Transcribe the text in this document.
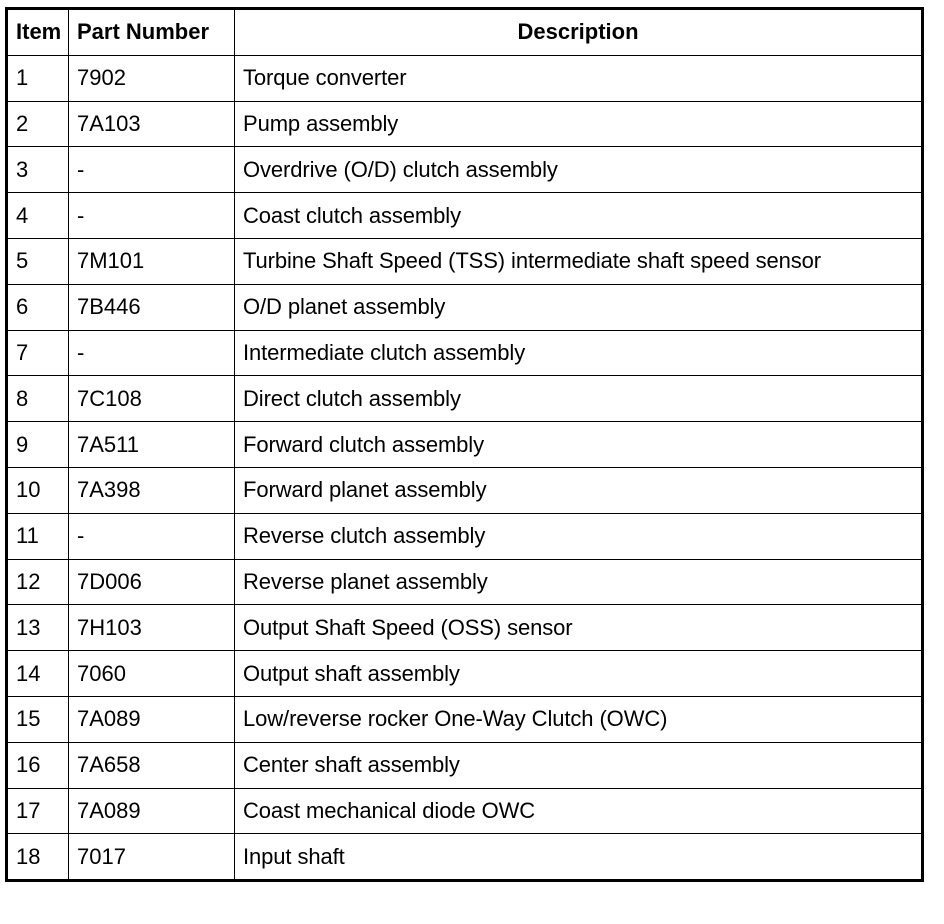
Item	Part Number	Description
1	7902	Torque converter
2	7A103	Pump assembly
3	-	Overdrive (O/D) clutch assembly
4	-	Coast clutch assembly
5	7M101	Turbine Shaft Speed (TSS) intermediate shaft speed sensor
6	7B446	O/D planet assembly
7	-	Intermediate clutch assembly
8	7C108	Direct clutch assembly
9	7A511	Forward clutch assembly
10	7A398	Forward planet assembly
11	-	Reverse clutch assembly
12	7D006	Reverse planet assembly
13	7H103	Output Shaft Speed (OSS) sensor
14	7060	Output shaft assembly
15	7A089	Low/reverse rocker One-Way Clutch (OWC)
16	7A658	Center shaft assembly
17	7A089	Coast mechanical diode OWC
18	7017	Input shaft
